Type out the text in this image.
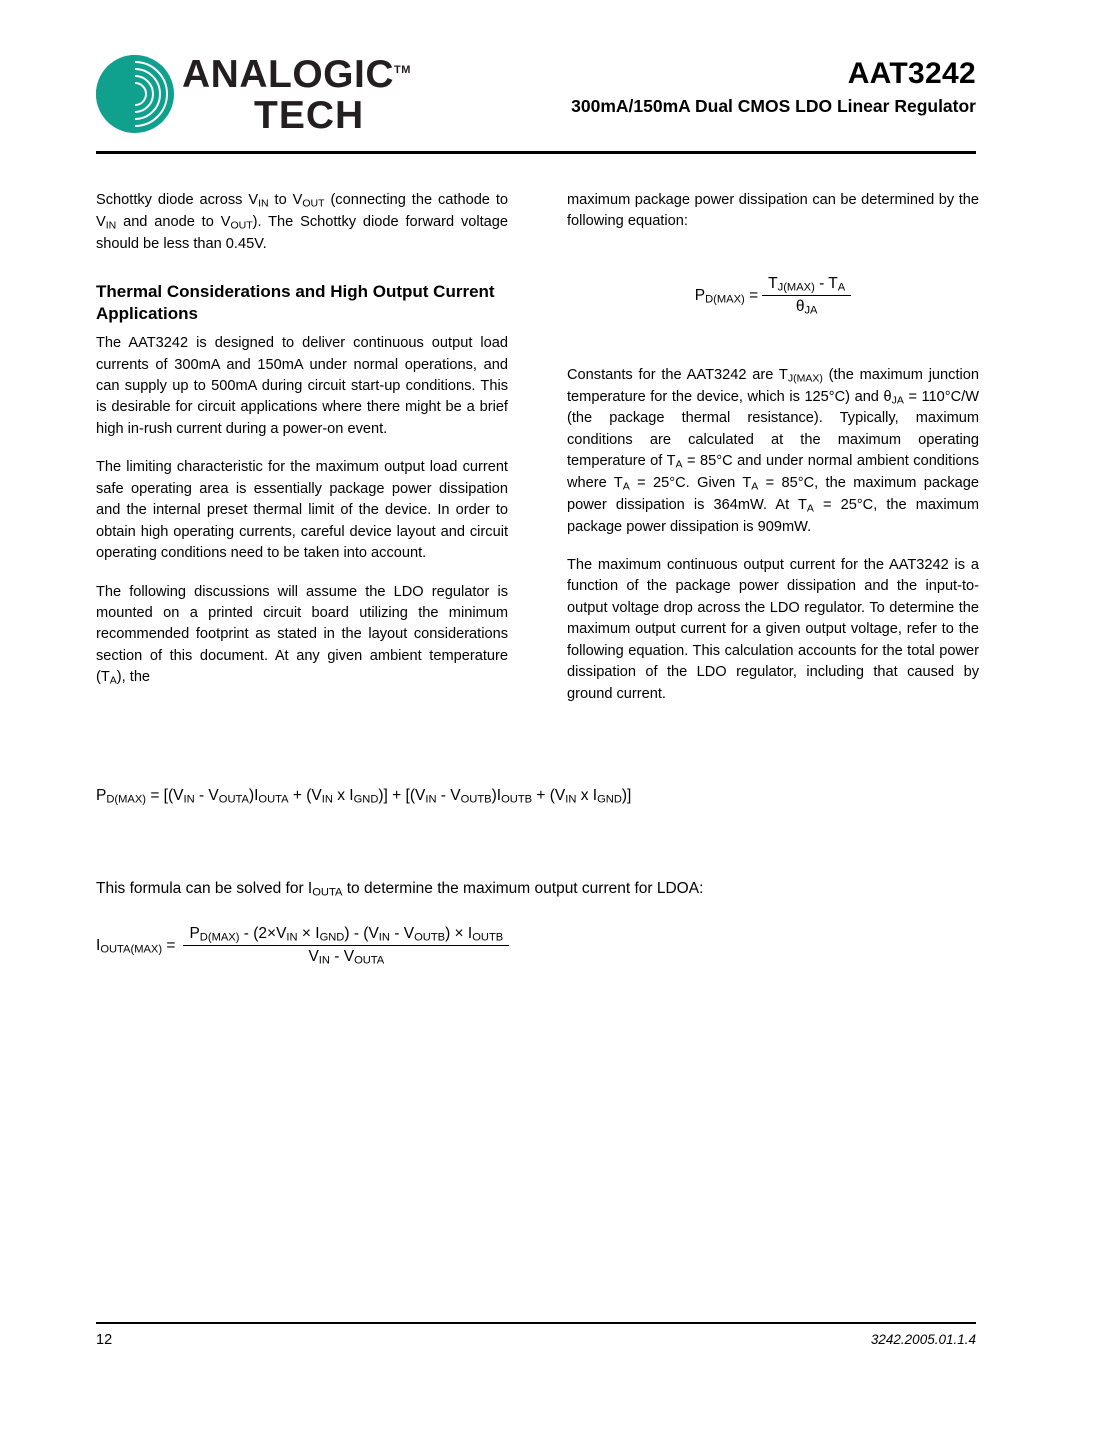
ANALOGIC™
TECH
AAT3242
300mA/150mA Dual CMOS LDO Linear Regulator

Schottky diode across $V_{IN}$ to $V_{OUT}$ (connecting the cathode to $V_{IN}$ and anode to $V_{OUT}$). The Schottky diode forward voltage should be less than 0.45V.

Thermal Considerations and High Output Current Applications

The AAT3242 is designed to deliver continuous output load currents of 300mA and 150mA under normal operations, and can supply up to 500mA during circuit start-up conditions. This is desirable for circuit applications where there might be a brief high in-rush current during a power-on event.

The limiting characteristic for the maximum output load current safe operating area is essentially package power dissipation and the internal preset thermal limit of the device. In order to obtain high operating currents, careful device layout and circuit operating conditions need to be taken into account.

The following discussions will assume the LDO regulator is mounted on a printed circuit board utilizing the minimum recommended footprint as stated in the layout considerations section of this document. At any given ambient temperature $(T_A)$, the

maximum package power dissipation can be determined by the following equation:

Constants for the AAT3242 are $T_{J(MAX)}$ (the maximum junction temperature for the device, which is 125°C) and $\theta_{JA} = 110^\circ C/W$ (the package thermal resistance). Typically, maximum conditions are calculated at the maximum operating temperature of $T_A = 85^\circ C$ and under normal ambient conditions where $T_A = 25^\circ C$. Given $T_A = 85^\circ C$, the maximum package power dissipation is 364mW. At $T_A = 25^\circ C$, the maximum package power dissipation is 909mW.

The maximum continuous output current for the AAT3242 is a function of the package power dissipation and the input-to-output voltage drop across the LDO regulator. To determine the maximum output current for a given output voltage, refer to the following equation. This calculation accounts for the total power dissipation of the LDO regulator, including that caused by ground current.

$P_{D(MAX)} = \frac{T_{J(MAX)} - T_A}{\theta_{JA}}$
$P_{D(MAX)} = [(V_{IN} - V_{OUTA})I_{OUTA} + (V_{IN}$ x $I_{GND})] + [(V_{IN} - V_{OUTB})I_{OUTB} + (V_{IN}$ x $I_{GND}$)]
This formula can be solved for $I_{OUTA}$ to determine the maximum output current for LDOA:
$I_{OUTA(MAX)} = \frac{P_{D(MAX)} - (2\times V_{IN} \times I_{GND}) - (V_{IN} - V_{OUTB}) \times I_{OUTB}}{V_{IN} - V_{OUTA}}$
12	3242.2005.01.1.4
